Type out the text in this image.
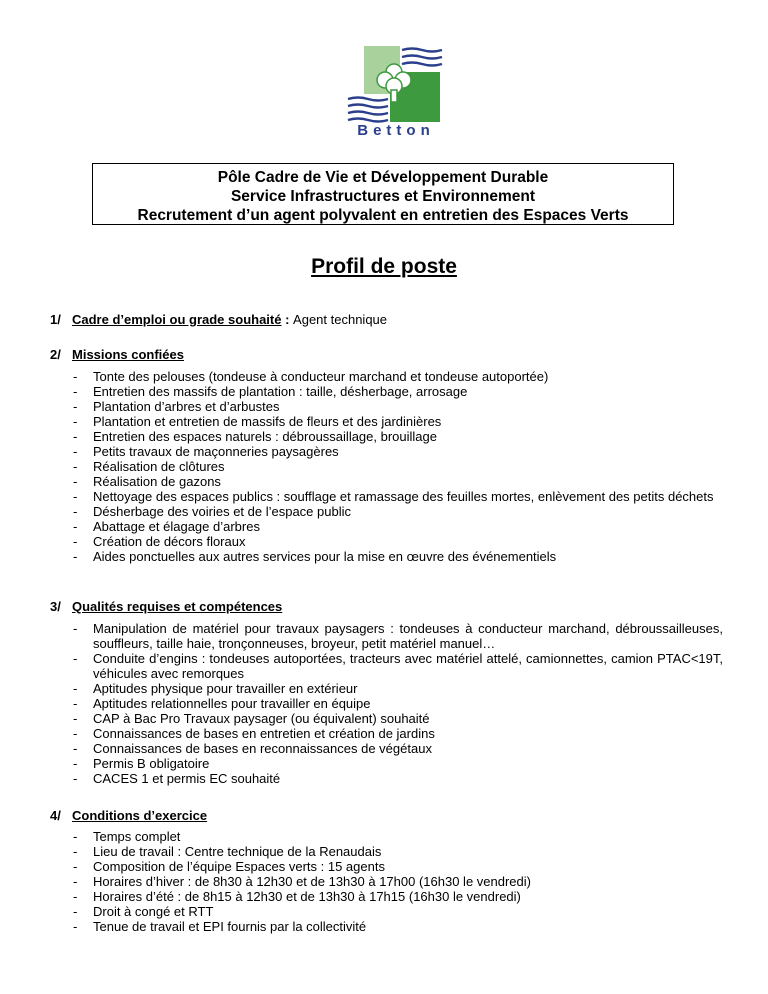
Betton
Pôle Cadre de Vie et Développement Durable
Service Infrastructures et Environnement
Recrutement d’un agent polyvalent en entretien des Espaces Verts
Profil de poste
1/ Cadre d’emploi ou grade souhaité : Agent technique
2/ Missions confiées
- Tonte des pelouses (tondeuse à conducteur marchand et tondeuse autoportée)
- Entretien des massifs de plantation : taille, désherbage, arrosage
- Plantation d’arbres et d’arbustes
- Plantation et entretien de massifs de fleurs et des jardinières
- Entretien des espaces naturels : débroussaillage, brouillage
- Petits travaux de maçonneries paysagères
- Réalisation de clôtures
- Réalisation de gazons
- Nettoyage des espaces publics : soufflage et ramassage des feuilles mortes, enlèvement des petits déchets
- Désherbage des voiries et de l’espace public
- Abattage et élagage d’arbres
- Création de décors floraux
- Aides ponctuelles aux autres services pour la mise en œuvre des événementiels
3/ Qualités requises et compétences
- Manipulation de matériel pour travaux paysagers : tondeuses à conducteur marchand, débroussailleuses, souffleurs, taille haie, tronçonneuses, broyeur, petit matériel manuel…
- Conduite d’engins : tondeuses autoportées, tracteurs avec matériel attelé, camionnettes, camion PTAC<19T, véhicules avec remorques
- Aptitudes physique pour travailler en extérieur
- Aptitudes relationnelles pour travailler en équipe
- CAP à Bac Pro Travaux paysager (ou équivalent) souhaité
- Connaissances de bases en entretien et création de jardins
- Connaissances de bases en reconnaissances de végétaux
- Permis B obligatoire
- CACES 1 et permis EC souhaité
4/ Conditions d’exercice
- Temps complet
- Lieu de travail : Centre technique de la Renaudais
- Composition de l’équipe Espaces verts : 15 agents
- Horaires d’hiver : de 8h30 à 12h30 et de 13h30 à 17h00 (16h30 le vendredi)
- Horaires d’été : de 8h15 à 12h30 et de 13h30 à 17h15 (16h30 le vendredi)
- Droit à congé et RTT
- Tenue de travail et EPI fournis par la collectivité
